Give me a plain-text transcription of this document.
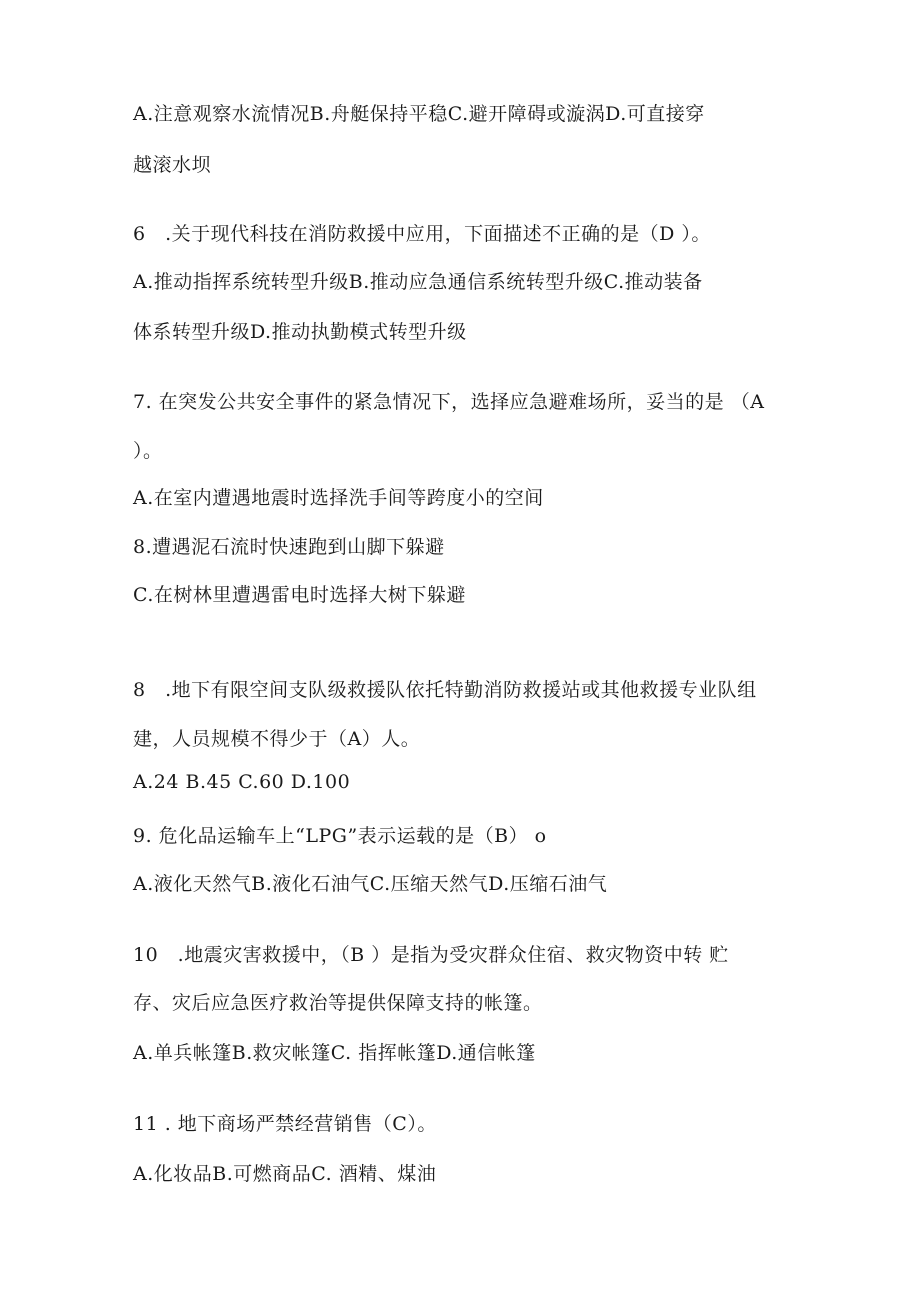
A.注意观察水流情况B.舟艇保持平稳C.避开障碍或漩涡D.可直接穿
越滚水坝
6　.关于现代科技在消防救援中应用，下面描述不正确的是（D ）。
A.推动指挥系统转型升级B.推动应急通信系统转型升级C.推动装备
体系转型升级D.推动执勤模式转型升级
7. 在突发公共安全事件的紧急情况下，选择应急避难场所，妥当的是 （A
）。
A.在室内遭遇地震时选择洗手间等跨度小的空间
8.遭遇泥石流时快速跑到山脚下躲避
C.在树林里遭遇雷电时选择大树下躲避
8　.地下有限空间支队级救援队依托特勤消防救援站或其他救援专业队组
建，人员规模不得少于（A）人。
A.24 B.45 C.60 D.100
9. 危化品运输车上“LPG”表示运载的是（B） o
A.液化天然气B.液化石油气C.压缩天然气D.压缩石油气
10　.地震灾害救援中，（B ）是指为受灾群众住宿、救灾物资中转 贮
存、灾后应急医疗救治等提供保障支持的帐篷。
A.单兵帐篷B.救灾帐篷C. 指挥帐篷D.通信帐篷
11 . 地下商场严禁经营销售（C）。
A.化妆品B.可燃商品C. 酒精、煤油
